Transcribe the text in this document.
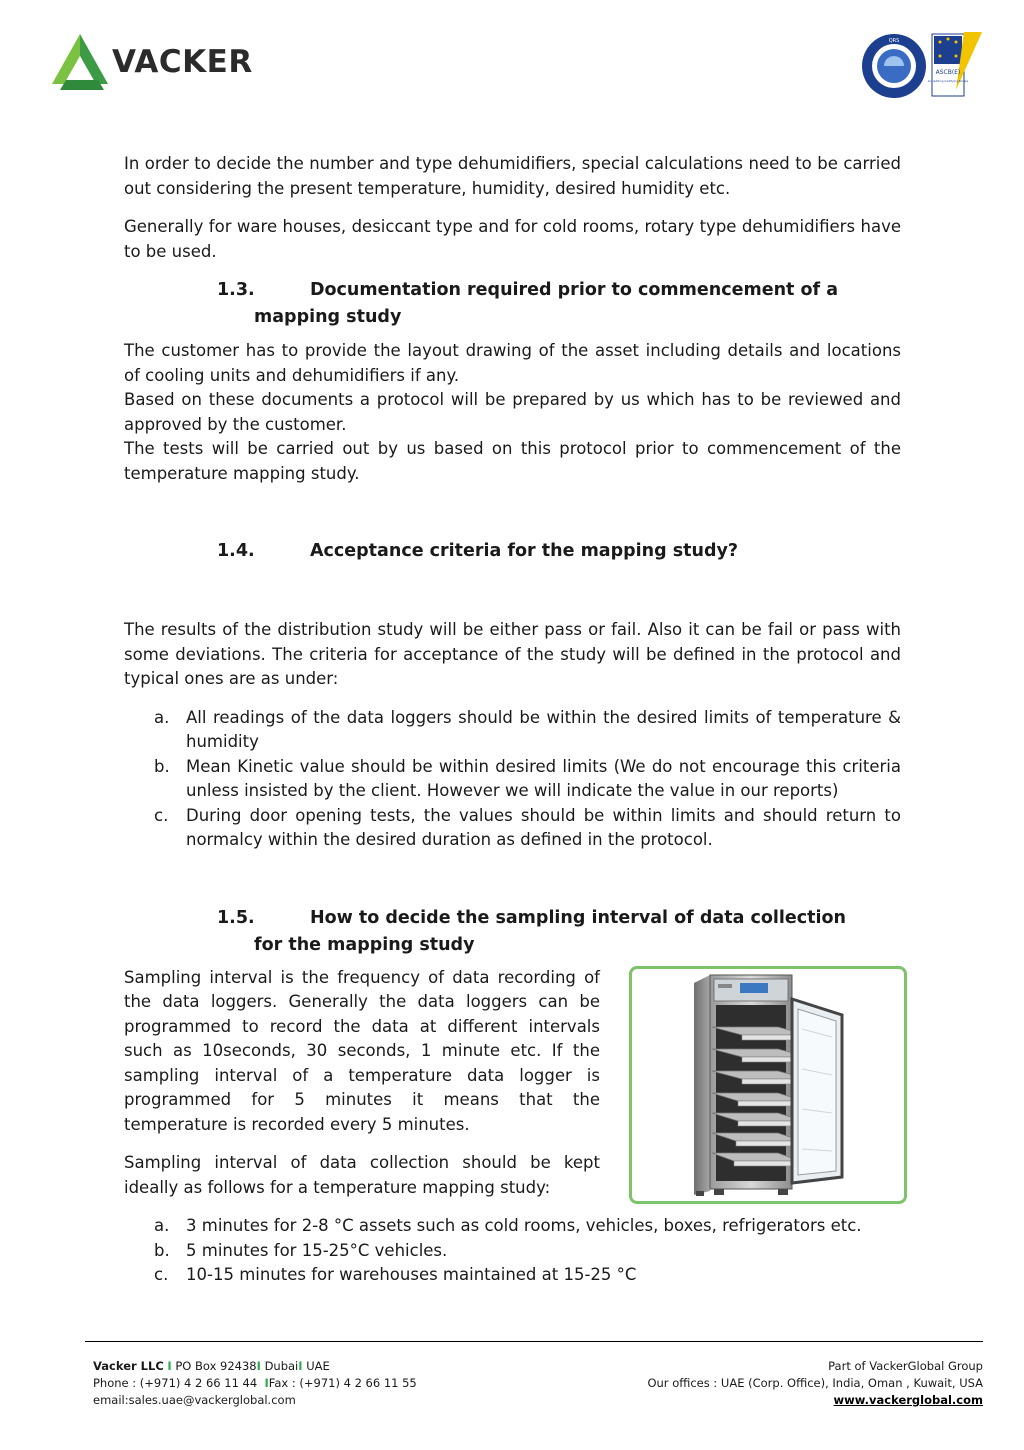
VACKER
QRS
ASCB(E)
Accrediting Certifying Bodies

In order to decide the number and type dehumidifiers, special calculations need to be carried out considering the present temperature, humidity, desired humidity etc.

Generally for ware houses, desiccant type and for cold rooms, rotary type dehumidifiers have to be used.

1.3.	Documentation required prior to commencement of a
mapping study

The customer has to provide the layout drawing of the asset including details and locations of cooling units and dehumidifiers if any.

Based on these documents a protocol will be prepared by us which has to be reviewed and approved by the customer.

The tests will be carried out by us based on this protocol prior to commencement of the temperature mapping study.

1.4.	Acceptance criteria for the mapping study?

The results of the distribution study will be either pass or fail. Also it can be fail or pass with some deviations. The criteria for acceptance of the study will be defined in the protocol and typical ones are as under:

a. All readings of the data loggers should be within the desired limits of temperature & humidity
b. Mean Kinetic value should be within desired limits (We do not encourage this criteria unless insisted by the client. However we will indicate the value in our reports)
c. During door opening tests, the values should be within limits and should return to normalcy within the desired duration as defined in the protocol.
1.5.	How to decide the sampling interval of data collection
for the mapping study

Sampling interval is the frequency of data recording of the data loggers. Generally the data loggers can be programmed to record the data at different intervals such as 10seconds, 30 seconds, 1 minute etc. If the sampling interval of a temperature data logger is programmed for 5 minutes it means that the temperature is recorded every 5 minutes.

Sampling interval of data collection should be kept ideally as follows for a temperature mapping study:

a. 3 minutes for 2-8 °C assets such as cold rooms, vehicles, boxes, refrigerators etc.
b. 5 minutes for 15-25°C vehicles.
c. 10-15 minutes for warehouses maintained at 15-25 °C
Vacker LLC I PO Box 92438I DubaiI UAE
Phone : (+971) 4 2 66 11 44 IFax : (+971) 4 2 66 11 55
email:sales.uae@vackerglobal.com
Part of VackerGlobal Group
Our offices : UAE (Corp. Office), India, Oman , Kuwait, USA
www.vackerglobal.com
